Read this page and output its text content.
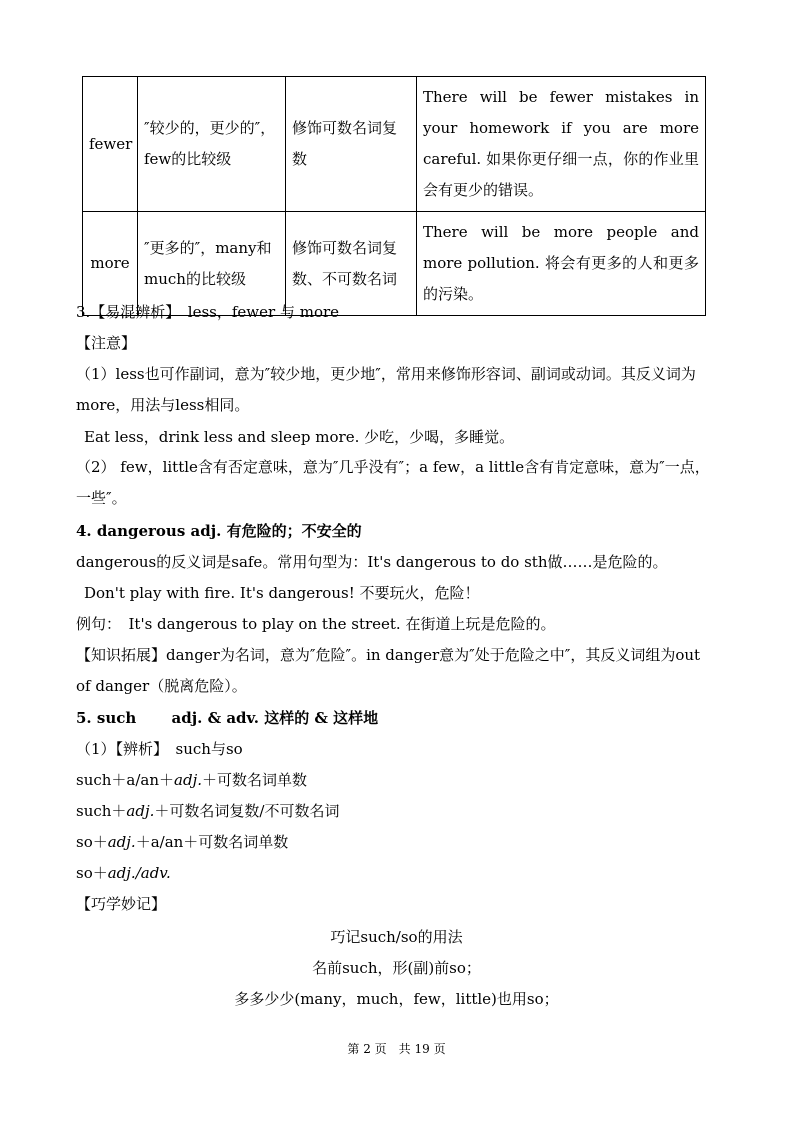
fewer	″较少的，更少的″，few的比较级	修饰可数名词复数	There will be fewer mistakes in your homework if you are more careful. 如果你更仔细一点，你的作业里会有更少的错误。
more	″更多的″，many和much的比较级	修饰可数名词复数、不可数名词	There will be more people and more pollution. 将会有更多的人和更多的污染。
3.【易混辨析】　less，fewer 与 more
【注意】
（1）less也可作副词，意为″较少地，更少地″，常用来修饰形容词、副词或动词。其反义词为more，用法与less相同。
Eat less，drink less and sleep more. 少吃，少喝，多睡觉。
（2） few，little含有否定意味，意为″几乎没有″；a few，a little含有肯定意味，意为″一点，一些″。
4. dangerous adj. 有危险的；不安全的
dangerous的反义词是safe。常用句型为：It's dangerous to do sth做……是危险的。
Don't play with fire. It's dangerous! 不要玩火，危险！
例句：　It's dangerous to play on the street. 在街道上玩是危险的。
【知识拓展】danger为名词，意为″危险″。in danger意为″处于危险之中″，其反义词组为out of danger（脱离危险）。
5. such　　 adj. & adv. 这样的 & 这样地
（1）【辨析】　such与so
such＋a/an＋adj.＋可数名词单数
such＋adj.＋可数名词复数/不可数名词
so＋adj.＋a/an＋可数名词单数
so＋adj./adv.
【巧学妙记】
巧记such/so的用法
名前such，形(副)前so；
多多少少(many，much，few，little)也用so；
第 2 页　共 19 页
